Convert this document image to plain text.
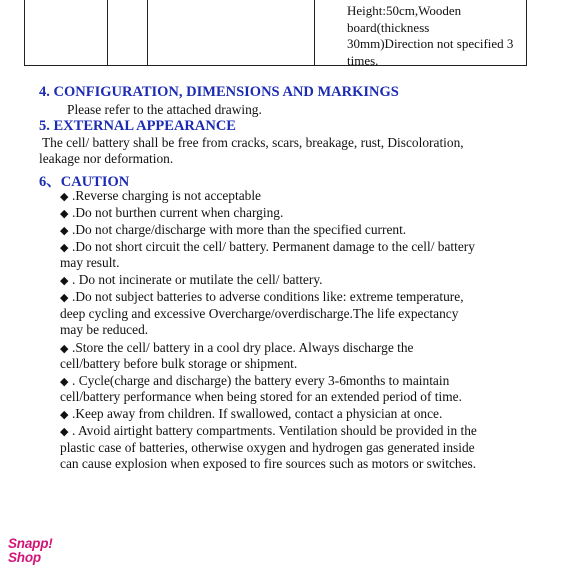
Height:50cm,Wooden
board(thickness
30mm)Direction not specified 3
times.
4. CONFIGURATION, DIMENSIONS AND MARKINGS
Please refer to the attached drawing.
5. EXTERNAL APPEARANCE
The cell/ battery shall be free from cracks, scars, breakage, rust, Discoloration,
leakage nor deformation.
6、CAUTION
◆ .Reverse charging is not acceptable
◆ .Do not burthen current when charging.
◆ .Do not charge/discharge with more than the specified current.
◆ .Do not short circuit the cell/ battery. Permanent damage to the cell/ battery
may result.
◆ . Do not incinerate or mutilate the cell/ battery.
◆ .Do not subject batteries to adverse conditions like: extreme temperature,
deep cycling and excessive Overcharge/overdischarge.The life expectancy
may be reduced.
◆ .Store the cell/ battery in a cool dry place. Always discharge the
cell/battery before bulk storage or shipment.
◆ . Cycle(charge and discharge) the battery every 3-6months to maintain
cell/battery performance when being stored for an extended period of time.
◆ .Keep away from children. If swallowed, contact a physician at once.
◆ . Avoid airtight battery compartments. Ventilation should be provided in the
plastic case of batteries, otherwise oxygen and hydrogen gas generated inside
can cause explosion when exposed to fire sources such as motors or switches.
Snapp!
Shop
